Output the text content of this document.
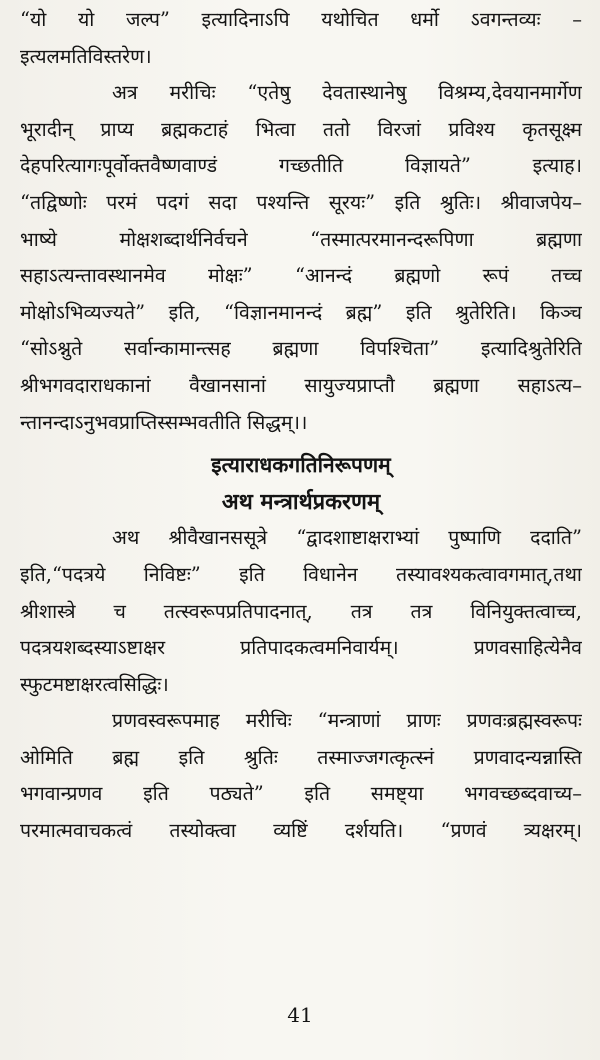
“यो यो जल्प” इत्यादिनाऽपि यथोचित धर्मो ऽवगन्तव्यः –
इत्यलमतिविस्तरेण।
अत्र मरीचिः “एतेषु देवतास्थानेषु विश्रम्य,देवयानमार्गेण
भूरादीन् प्राप्य ब्रह्मकटाहं भित्वा ततो विरजां प्रविश्य कृतसूक्ष्म
देहपरित्यागःपूर्वोक्तवैष्णवाण्डं गच्छतीति विज्ञायते” इत्याह।
“तद्विष्णोः परमं पदगं सदा पश्यन्ति सूरयः” इति श्रुतिः। श्रीवाजपेय–
भाष्ये मोक्षशब्दार्थनिर्वचने “तस्मात्परमानन्दरूपिणा ब्रह्मणा
सहाऽत्यन्तावस्थानमेव मोक्षः” “आनन्दं ब्रह्मणो रूपं तच्च
मोक्षोऽभिव्यज्यते” इति, “विज्ञानमानन्दं ब्रह्म” इति श्रुतेरिति। किञ्च
“सोऽश्नुते सर्वान्कामान्त्सह ब्रह्मणा विपश्चिता” इत्यादिश्रुतेरिति
श्रीभगवदाराधकानां वैखानसानां सायुज्यप्राप्तौ ब्रह्मणा सहाऽत्य–
न्तानन्दाऽनुभवप्राप्तिस्सम्भवतीति सिद्धम्।।
इत्याराधकगतिनिरूपणम्
अथ मन्त्रार्थप्रकरणम्
अथ श्रीवैखानससूत्रे “द्वादशाष्टाक्षराभ्यां पुष्पाणि ददाति”
इति,“पदत्रये निविष्टः” इति विधानेन तस्यावश्यकत्वावगमात्,तथा
श्रीशास्त्रे च तत्स्वरूपप्रतिपादनात्, तत्र तत्र विनियुक्तत्वाच्च,
पदत्रयशब्दस्याऽष्टाक्षर प्रतिपादकत्वमनिवार्यम्। प्रणवसाहित्येनैव
स्फुटमष्टाक्षरत्वसिद्धिः।
प्रणवस्वरूपमाह मरीचिः “मन्त्राणां प्राणः प्रणवःब्रह्मस्वरूपः
ओमिति ब्रह्म इति श्रुतिः तस्माज्जगत्कृत्स्नं प्रणवादन्यन्नास्ति
भगवान्प्रणव इति पठ्यते” इति समष्ट्या भगवच्छब्दवाच्य–
परमात्मवाचकत्वं तस्योक्त्वा व्यष्टिं दर्शयति। “प्रणवं त्र्यक्षरम्।
41
